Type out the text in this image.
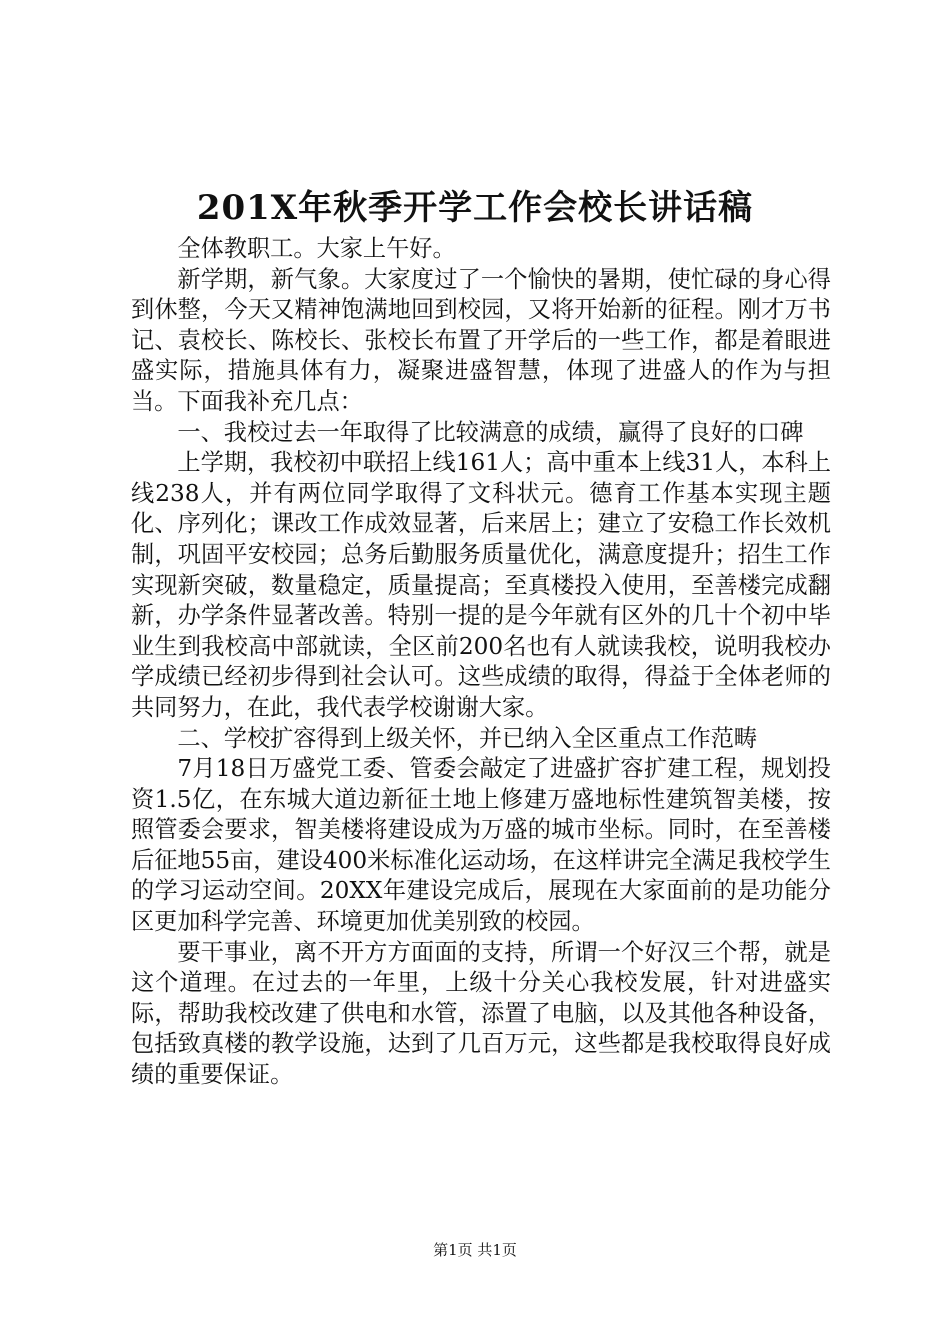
201X年秋季开学工作会校长讲话稿

全体教职工。大家上午好。

新学期，新气象。大家度过了一个愉快的暑期，使忙碌的身心得到休整，今天又精神饱满地回到校园，又将开始新的征程。刚才万书记、袁校长、陈校长、张校长布置了开学后的一些工作，都是着眼进盛实际，措施具体有力，凝聚进盛智慧，体现了进盛人的作为与担当。下面我补充几点：

一、我校过去一年取得了比较满意的成绩，赢得了良好的口碑

上学期，我校初中联招上线161人；高中重本上线31人，本科上线238人，并有两位同学取得了文科状元。德育工作基本实现主题化、序列化；课改工作成效显著，后来居上；建立了安稳工作长效机制，巩固平安校园；总务后勤服务质量优化，满意度提升；招生工作实现新突破，数量稳定，质量提高；至真楼投入使用，至善楼完成翻新，办学条件显著改善。特别一提的是今年就有区外的几十个初中毕业生到我校高中部就读，全区前200名也有人就读我校，说明我校办学成绩已经初步得到社会认可。这些成绩的取得，得益于全体老师的共同努力，在此，我代表学校谢谢大家。

二、学校扩容得到上级关怀，并已纳入全区重点工作范畴

7月18日万盛党工委、管委会敲定了进盛扩容扩建工程，规划投资1.5亿，在东城大道边新征土地上修建万盛地标性建筑智美楼，按照管委会要求，智美楼将建设成为万盛的城市坐标。同时，在至善楼后征地55亩，建设400米标准化运动场，在这样讲完全满足我校学生的学习运动空间。20XX年建设完成后，展现在大家面前的是功能分区更加科学完善、环境更加优美别致的校园。

要干事业，离不开方方面面的支持，所谓一个好汉三个帮，就是这个道理。在过去的一年里，上级十分关心我校发展，针对进盛实际，帮助我校改建了供电和水管，添置了电脑，以及其他各种设备，包括致真楼的教学设施，达到了几百万元，这些都是我校取得良好成绩的重要保证。

第1页 共1页
